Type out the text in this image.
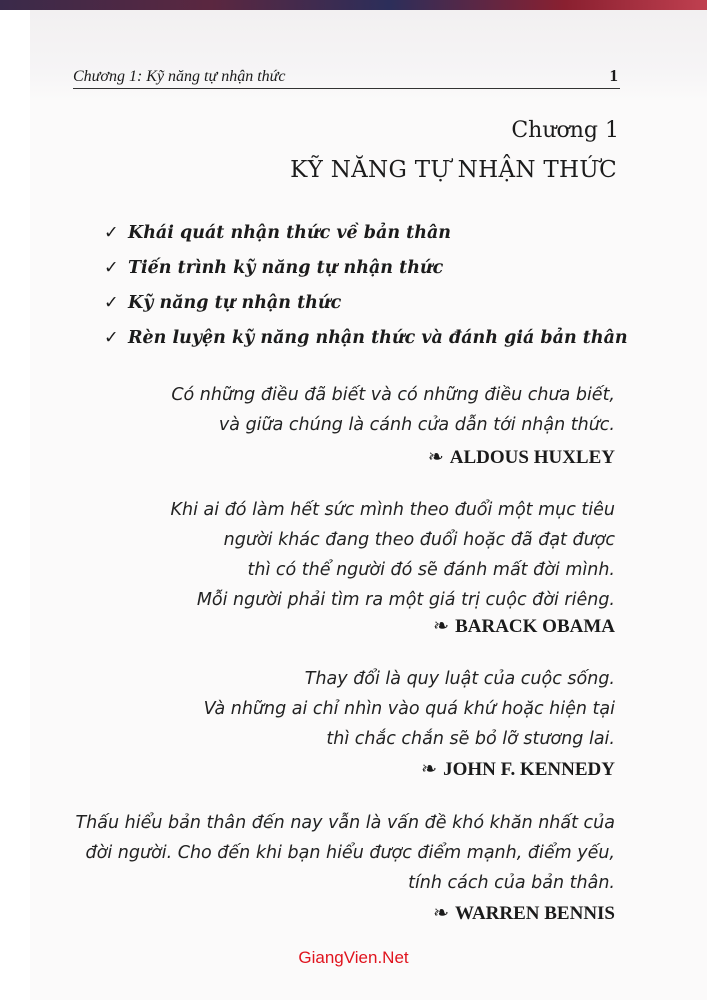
Chương 1: Kỹ năng tự nhận thức	1
Chương 1
KỸ NĂNG TỰ NHẬN THỨC
✓ Khái quát nhận thức về bản thân
✓ Tiến trình kỹ năng tự nhận thức
✓ Kỹ năng tự nhận thức
✓ Rèn luyện kỹ năng nhận thức và đánh giá bản thân
Có những điều đã biết và có những điều chưa biết,
và giữa chúng là cánh cửa dẫn tới nhận thức.
❧ ALDOUS HUXLEY
Khi ai đó làm hết sức mình theo đuổi một mục tiêu
người khác đang theo đuổi hoặc đã đạt được
thì có thể người đó sẽ đánh mất đời mình.
Mỗi người phải tìm ra một giá trị cuộc đời riêng.
❧ BARACK OBAMA
Thay đổi là quy luật của cuộc sống.
Và những ai chỉ nhìn vào quá khứ hoặc hiện tại
thì chắc chắn sẽ bỏ lỡ stương lai.
❧ JOHN F. KENNEDY
Thấu hiểu bản thân đến nay vẫn là vấn đề khó khăn nhất của
đời người. Cho đến khi bạn hiểu được điểm mạnh, điểm yếu,
tính cách của bản thân.
❧ WARREN BENNIS
GiangVien.Net
